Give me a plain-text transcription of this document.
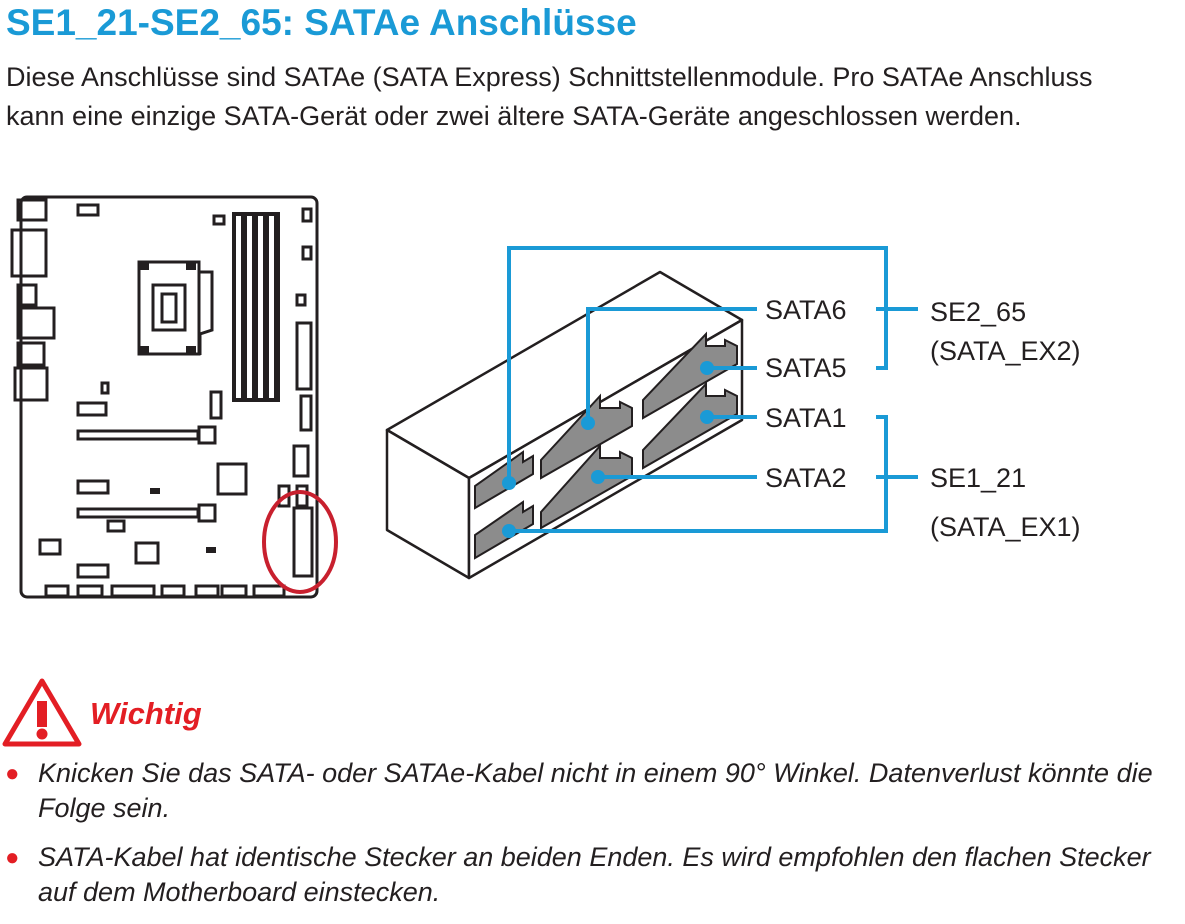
SE1_21-SE2_65: SATAe Anschlüsse

Diese Anschlüsse sind SATAe (SATA Express) Schnittstellenmodule. Pro SATAe Anschluss kann eine einzige SATA-Gerät oder zwei ältere SATA-Geräte angeschlossen werden.

SATA6
SATA5
SATA1
SATA2
SE2_65
(SATA_EX2)
SE1_21
(SATA_EX1)
Wichtig
● Knicken Sie das SATA- oder SATAe-Kabel nicht in einem 90° Winkel. Datenverlust könnte die Folge sein.
● SATA-Kabel hat identische Stecker an beiden Enden. Es wird empfohlen den flachen Stecker auf dem Motherboard einstecken.
